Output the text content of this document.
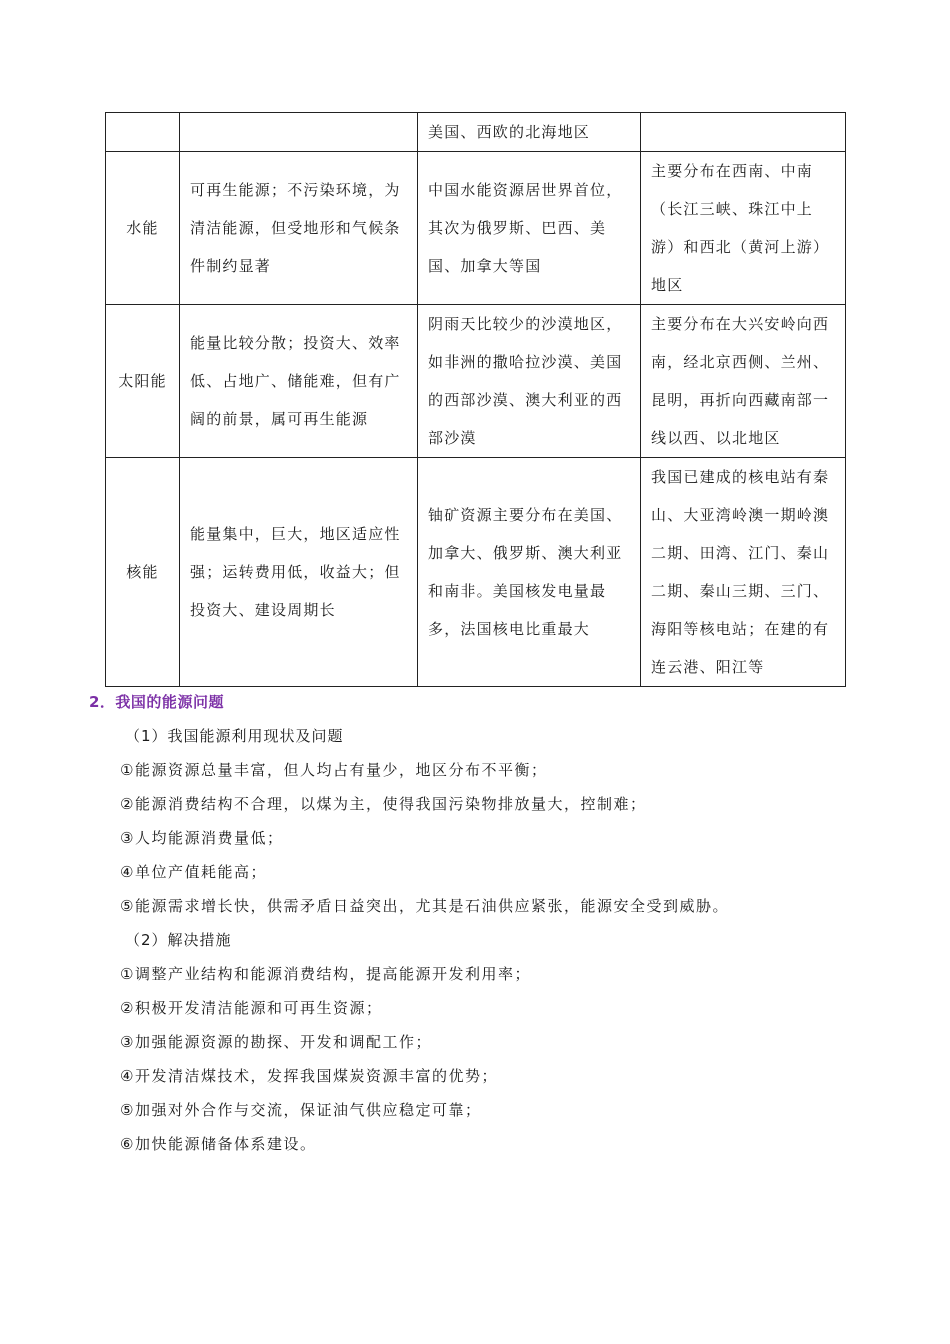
		美国、西欧的北海地区	
水能	可再生能源；不污染环境，为清洁能源，但受地形和气候条件制约显著	中国水能资源居世界首位，其次为俄罗斯、巴西、美国、加拿大等国	主要分布在西南、中南（长江三峡、珠江中上游）和西北（黄河上游）地区
太阳能	能量比较分散；投资大、效率低、占地广、储能难，但有广阔的前景，属可再生能源	阴雨天比较少的沙漠地区，如非洲的撒哈拉沙漠、美国的西部沙漠、澳大利亚的西部沙漠	主要分布在大兴安岭向西南，经北京西侧、兰州、昆明，再折向西藏南部一线以西、以北地区
核能	能量集中，巨大，地区适应性强；运转费用低，收益大；但投资大、建设周期长	铀矿资源主要分布在美国、加拿大、俄罗斯、澳大利亚和南非。美国核发电量最多，法国核电比重最大	我国已建成的核电站有秦山、大亚湾岭澳一期岭澳二期、田湾、江门、秦山二期、秦山三期、三门、海阳等核电站；在建的有连云港、阳江等
2．我国的能源问题
（1）我国能源利用现状及问题
①能源资源总量丰富，但人均占有量少，地区分布不平衡；
②能源消费结构不合理，以煤为主，使得我国污染物排放量大，控制难；
③人均能源消费量低；
④单位产值耗能高；
⑤能源需求增长快，供需矛盾日益突出，尤其是石油供应紧张，能源安全受到威胁。
（2）解决措施
①调整产业结构和能源消费结构，提高能源开发利用率；
②积极开发清洁能源和可再生资源；
③加强能源资源的勘探、开发和调配工作；
④开发清洁煤技术，发挥我国煤炭资源丰富的优势；
⑤加强对外合作与交流，保证油气供应稳定可靠；
⑥加快能源储备体系建设。
